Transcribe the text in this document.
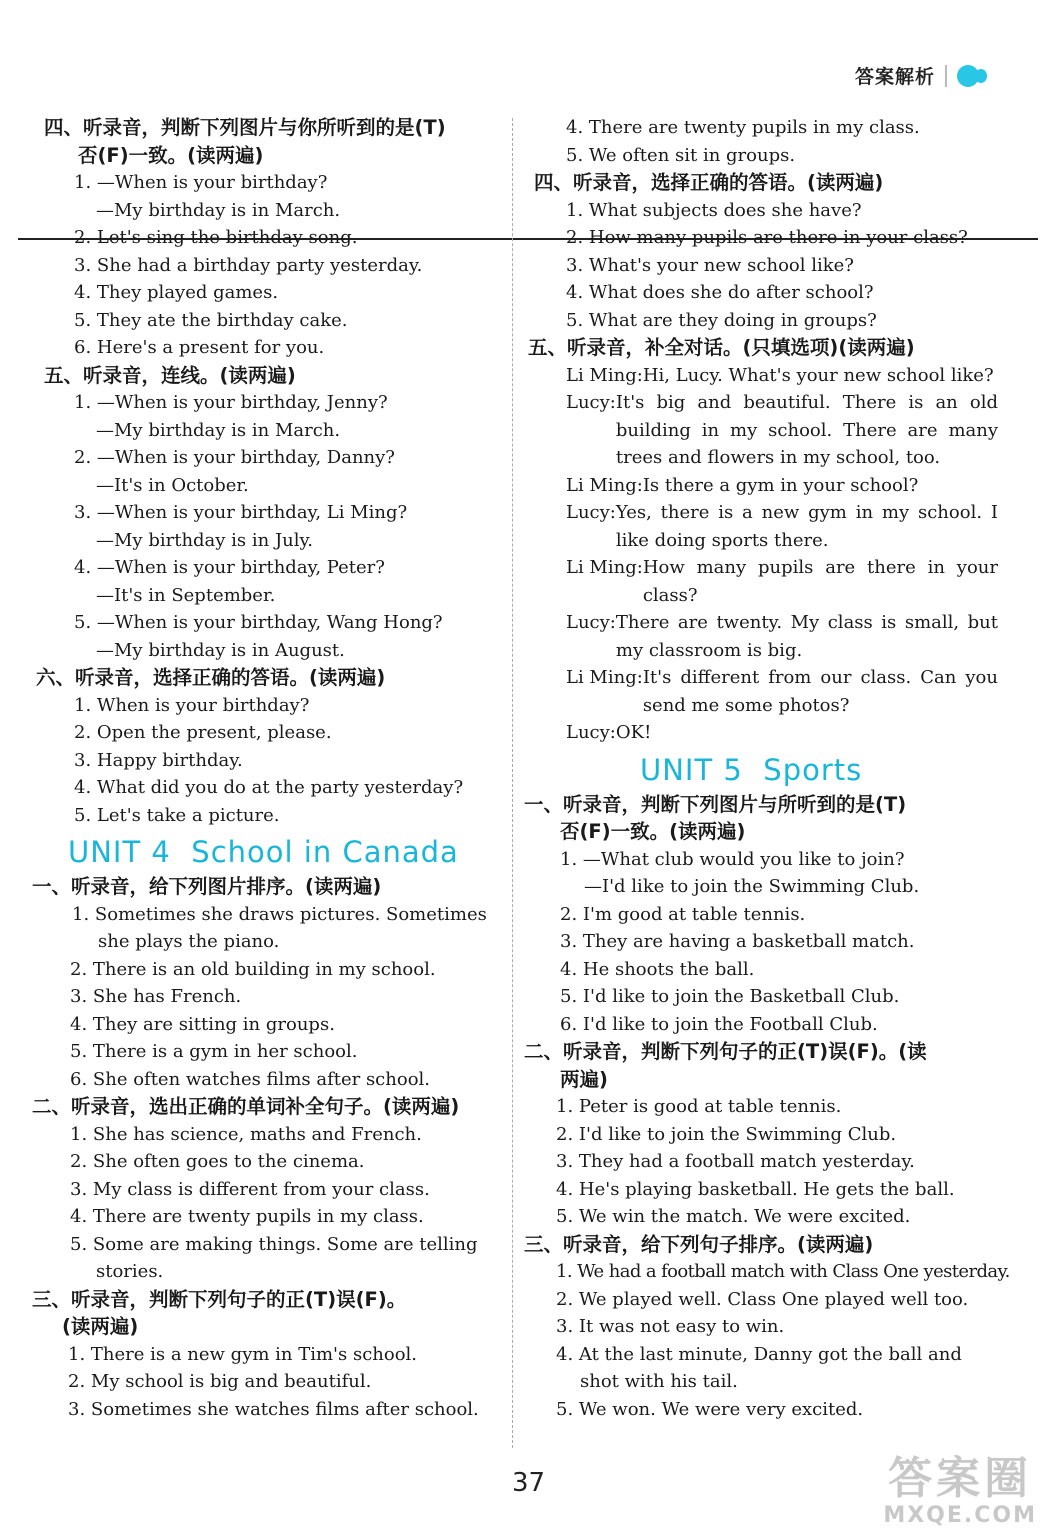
答案解析
四、听录音，判断下列图片与你所听到的是(T)
否(F)一致。(读两遍)
1. —When is your birthday?
—My birthday is in March.
2. Let's sing the birthday song.
3. She had a birthday party yesterday.
4. They played games.
5. They ate the birthday cake.
6. Here's a present for you.
五、听录音，连线。(读两遍)
1. —When is your birthday, Jenny?
—My birthday is in March.
2. —When is your birthday, Danny?
—It's in October.
3. —When is your birthday, Li Ming?
—My birthday is in July.
4. —When is your birthday, Peter?
—It's in September.
5. —When is your birthday, Wang Hong?
—My birthday is in August.
六、听录音，选择正确的答语。(读两遍)
1. When is your birthday?
2. Open the present, please.
3. Happy birthday.
4. What did you do at the party yesterday?
5. Let's take a picture.
UNIT 4  School in Canada
一、听录音，给下列图片排序。(读两遍)
1. Sometimes she draws pictures. Sometimes she plays the piano.
2. There is an old building in my school.
3. She has French.
4. They are sitting in groups.
5. There is a gym in her school.
6. She often watches films after school.
二、听录音，选出正确的单词补全句子。(读两遍)
1. She has science, maths and French.
2. She often goes to the cinema.
3. My class is different from your class.
4. There are twenty pupils in my class.
5. Some are making things. Some are telling stories.
三、听录音，判断下列句子的正(T)误(F)。
(读两遍)
1. There is a new gym in Tim's school.
2. My school is big and beautiful.
3. Sometimes she watches films after school.
4. There are twenty pupils in my class.
5. We often sit in groups.
四、听录音，选择正确的答语。(读两遍)
1. What subjects does she have?
2. How many pupils are there in your class?
3. What's your new school like?
4. What does she do after school?
5. What are they doing in groups?
五、听录音，补全对话。(只填选项)(读两遍)
Li Ming: Hi, Lucy. What's your new school like?
Lucy: It's big and beautiful. There is an old building in my school. There are many trees and flowers in my school, too.
Li Ming: Is there a gym in your school?
Lucy: Yes, there is a new gym in my school. I like doing sports there.
Li Ming: How many pupils are there in your class?
Lucy: There are twenty. My class is small, but my classroom is big.
Li Ming: It's different from our class. Can you send me some photos?
Lucy: OK!
UNIT 5  Sports
一、听录音，判断下列图片与所听到的是(T)
否(F)一致。(读两遍)
1. —What club would you like to join?
—I'd like to join the Swimming Club.
2. I'm good at table tennis.
3. They are having a basketball match.
4. He shoots the ball.
5. I'd like to join the Basketball Club.
6. I'd like to join the Football Club.
二、听录音，判断下列句子的正(T)误(F)。(读
两遍)
1. Peter is good at table tennis.
2. I'd like to join the Swimming Club.
3. They had a football match yesterday.
4. He's playing basketball. He gets the ball.
5. We win the match. We were excited.
三、听录音，给下列句子排序。(读两遍)
1. We had a football match with Class One yesterday.
2. We played well. Class One played well too.
3. It was not easy to win.
4. At the last minute, Danny got the ball and shot with his tail.
5. We won. We were very excited.
37	答案圈
MXQE.COM
